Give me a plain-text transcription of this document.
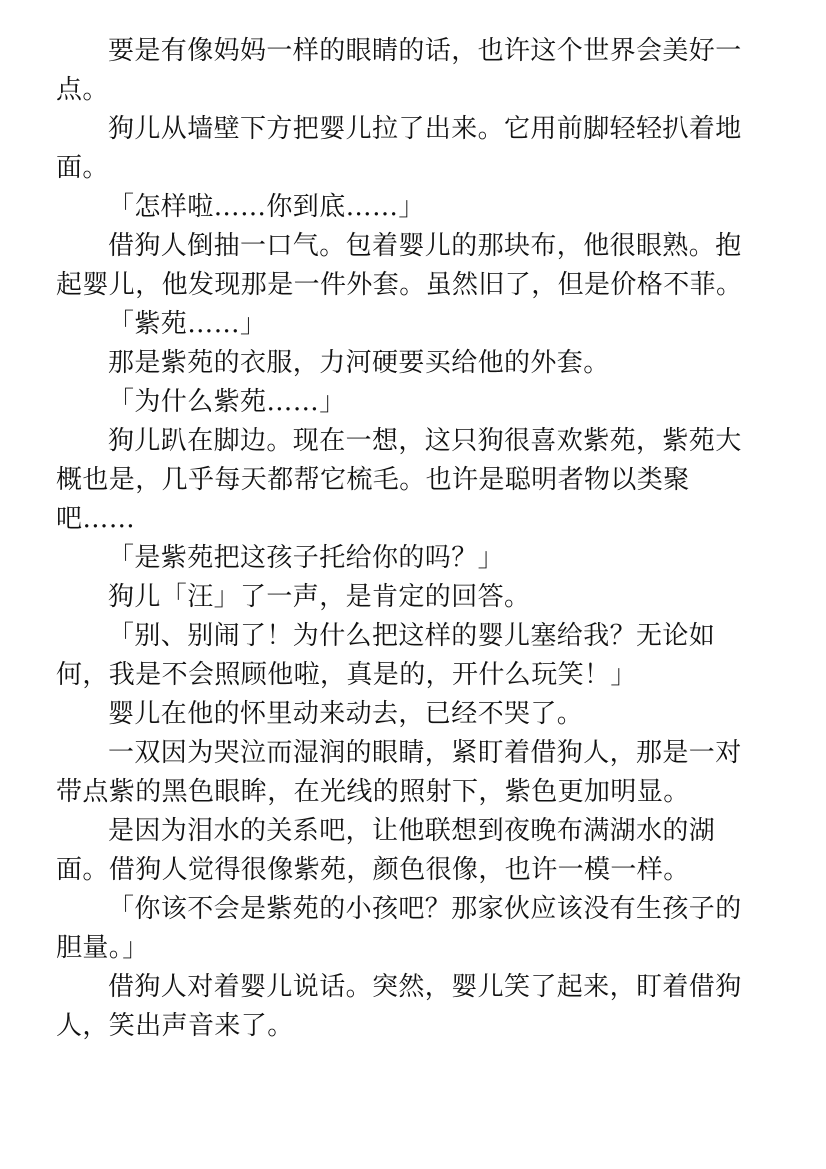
要是有像妈妈一样的眼睛的话，也许这个世界会美好一
点。
狗儿从墙壁下方把婴儿拉了出来。它用前脚轻轻扒着地
面。
「怎样啦……你到底……」
借狗人倒抽一口气。包着婴儿的那块布，他很眼熟。抱
起婴儿，他发现那是一件外套。虽然旧了，但是价格不菲。
「紫苑……」
那是紫苑的衣服，力河硬要买给他的外套。
「为什么紫苑……」
狗儿趴在脚边。现在一想，这只狗很喜欢紫苑，紫苑大
概也是，几乎每天都帮它梳毛。也许是聪明者物以类聚
吧……
「是紫苑把这孩子托给你的吗？」
狗儿「汪」了一声，是肯定的回答。
「别、别闹了！为什么把这样的婴儿塞给我？无论如
何，我是不会照顾他啦，真是的，开什么玩笑！」
婴儿在他的怀里动来动去，已经不哭了。
一双因为哭泣而湿润的眼睛，紧盯着借狗人，那是一对
带点紫的黑色眼眸，在光线的照射下，紫色更加明显。
是因为泪水的关系吧，让他联想到夜晚布满湖水的湖
面。借狗人觉得很像紫苑，颜色很像，也许一模一样。
「你该不会是紫苑的小孩吧？那家伙应该没有生孩子的
胆量。」
借狗人对着婴儿说话。突然，婴儿笑了起来，盯着借狗
人，笑出声音来了。
